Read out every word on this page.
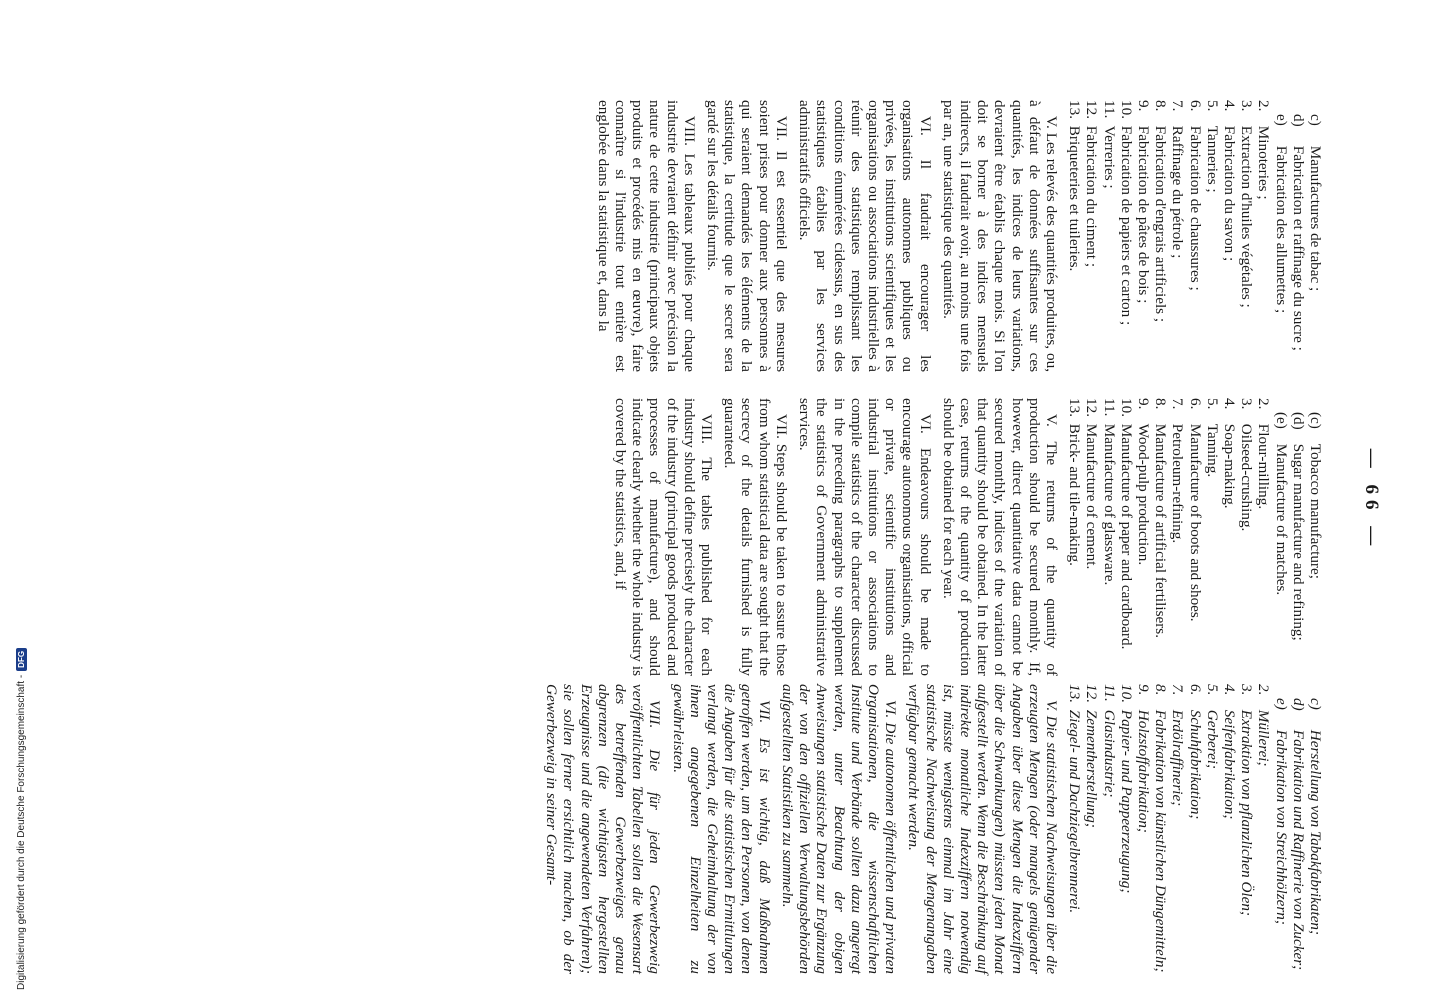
Digitalisierung gefördert durch die Deutsche Forschungsgemeinschaft -
DFG
— 66 —
c)

Manufactures de tabac ;
d)

Fabrication et raffinage du sucre ;
e)

Fabrication des allumettes ;
2.

Minoteries ;
3.

Extraction d'huiles végétales ;
4.

Fabrication du savon ;
5.

Tanneries ;
6.

Fabrication de chaussures ;
7.

Raffinage du pétrole ;
8.

Fabrication d'engrais artificiels ;
9.

Fabrication de pâtes de bois ;
10.

Fabrication de papiers et carton ;
11.

Verreries ;
12.

Fabrication du ciment ;
13.

Briqueteries et tuileries.

V. Les relevés des quantités produites, ou, à défaut de données suffisantes sur ces quantités, les indices de leurs variations, devraient être établis chaque mois. Si l'on doit se borner à des indices mensuels indirects, il faudrait avoir, au moins une fois par an, une statistique des quantités.

VI. Il faudrait encourager les organisations autonomes publiques ou privées, les institutions scientifiques et les organisations ou associations industrielles à réunir des statistiques remplissant les conditions énumérées cidessus, en sus des statistiques établies par les services administratifs officiels.

VII. Il est essentiel que des mesures soient prises pour donner aux personnes à qui seraient demandés les éléments de la statistique, la certitude que le secret sera gardé sur les détails fournis.

VIII. Les tableaux publiés pour chaque industrie devraient définir avec précision la nature de cette industrie (principaux objets produits et procédés mis en œuvre), faire connaître si l'industrie tout entière est englobée dans la statistique et, dans la

(c)

Tobacco manufacture;
(d)

Sugar manufacture and refining;
(e)

Manufacture of matches.
2.

Flour-milling.
3.

Oilseed-crushing.
4.

Soap-making.
5.

Tanning.
6.

Manufacture of boots and shoes.
7.

Petroleum-refining.
8.

Manufacture of artificial fertilisers.
9.

Wood-pulp production.
10.

Manufacture of paper and cardboard.
11.

Manufacture of glassware.
12.

Manufacture of cement.
13.

Brick- and tile-making.

V. The returns of the quantity of production should be secured monthly. If, however, direct quantitative data cannot be secured monthly, indices of the variation of that quantity should be obtained. In the latter case, returns of the quantity of production should be obtained for each year.

VI. Endeavours should be made to encourage autonomous organisations, official or private, scientific institutions and industrial institutions or associations to compile statistics of the character discussed in the preceding paragraphs to supplement the statistics of Government administrative services.

VII. Steps should be taken to assure those from whom statistical data are sought that the secrecy of the details furnished is fully guaranteed.

VIII. The tables published for each industry should define precisely the character of the industry (principal goods produced and processes of manufacture), and should indicate clearly whether the whole industry is covered by the statistics, and, if

c)

Herstellung von Tabakfabrikaten;
d)

Fabrikation und Raffinerie von Zucker;
e)

Fabrikation von Streichhölzern;
2.

Müllerei;
3.

Extraktion von pflanzlichen Ölen;
4.

Seifenfabrikation;
5.

Gerberei;
6.

Schuhfabrikation;
7.

Erdölraffinerie;
8.

Fabrikation von künstlichen Düngemitteln;
9.

Holzstoffabrikation;
10.

Papier- und Pappeerzeugung;
11.

Glasindustrie;
12.

Zementherstellung;
13.

Ziegel- und Dachziegelbrennerei.

V. Die statistischen Nachweisungen über die erzeugten Mengen (oder mangels genügender Angaben über diese Mengen die Indexziffern über die Schwankungen) müssten jeden Monat aufgestellt werden. Wenn die Beschränkung auf indirekte monatliche Indexziffern notwendig ist, müsste wenigstens einmal im Jahr eine statistische Nachweisung der Mengenangaben verfügbar gemacht werden.

VI. Die autonomen öffentlichen und privaten Organisationen, die wissenschaftlichen Institute und Verbände sollten dazu angeregt werden, unter Beachtung der obigen Anweisungen statistische Daten zur Ergänzung der von den offiziellen Verwaltungsbehörden aufgestellten Statistiken zu sammeln.

VII. Es ist wichtig, daß Maßnahmen getroffen werden, um den Personen, von denen die Angaben für die statistischen Ermittlungen verlangt werden, die Geheimhaltung der von ihnen angegebenen Einzelheiten zu gewährleisten.

VIII. Die für jeden Gewerbezweig veröffentlichten Tabellen sollen die Wesensart des betreffenden Gewerbezweiges genau abgrenzen (die wichtigsten hergestellten Erzeugnisse und die angewendeten Verfahren); sie sollen ferner ersichtlich machen, ob der Gewerbezweig in seiner Gesamt-
